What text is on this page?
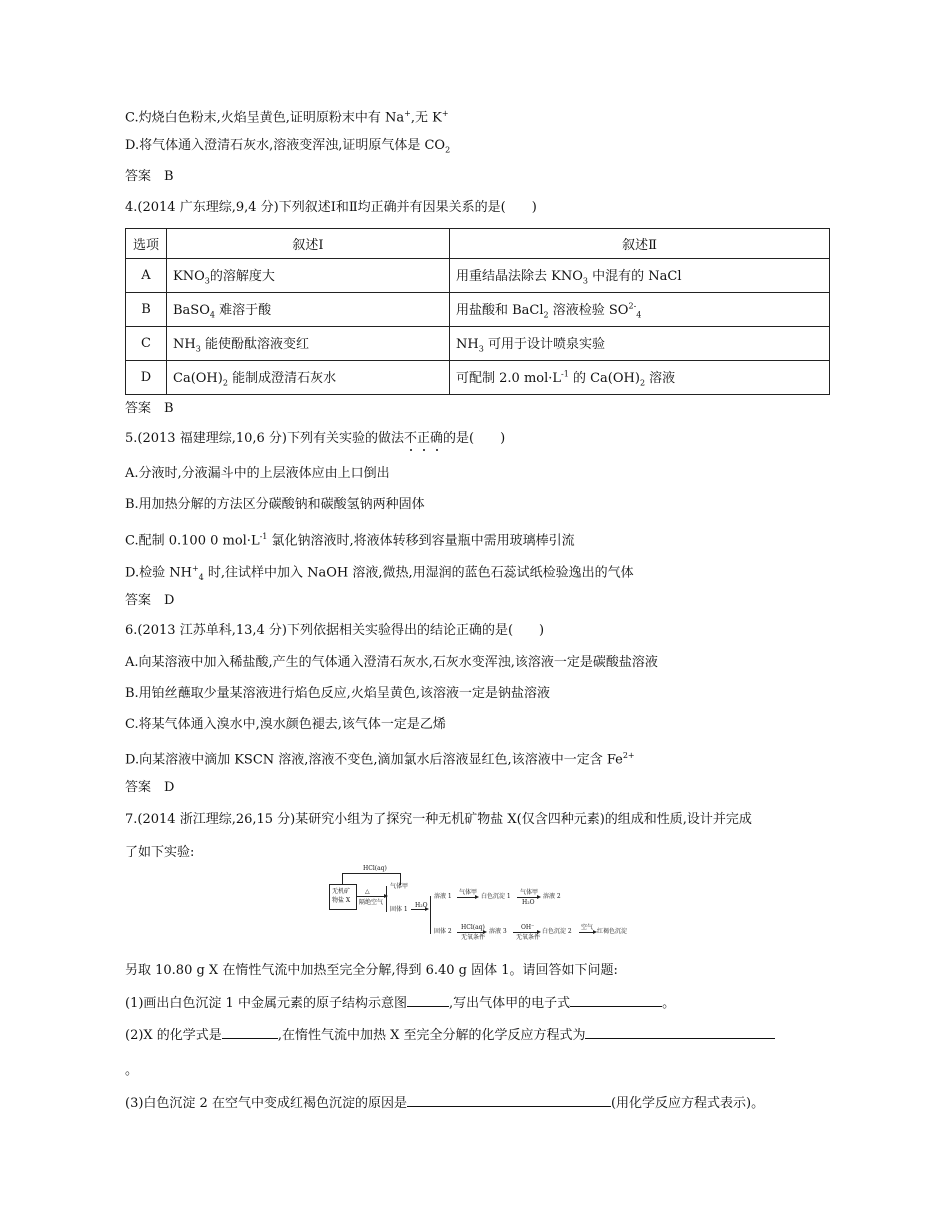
C.灼烧白色粉末,火焰呈黄色,证明原粉末中有 Na+,无 K+
D.将气体通入澄清石灰水,溶液变浑浊,证明原气体是 $CO_2$
答案　B
4.(2014 广东理综,9,4 分)下列叙述Ⅰ和Ⅱ均正确并有因果关系的是(　　)
选项	叙述Ⅰ	叙述Ⅱ
A	$KNO_3$的溶解度大	用重结晶法除去 $KNO_3$ 中混有的 NaCl
B	BaSO$_4$ 难溶于酸	用盐酸和 BaCl$_2$ 溶液检验 $SO^{2-}_4$
C	$NH_3$ 能使酚酞溶液变红	$NH_3$ 可用于设计喷泉实验
D	$Ca(OH)_2$ 能制成澄清石灰水	可配制 2.0 $mol\cdot L^{-1}$ 的 $Ca(OH)_2$ 溶液
答案　B
5.(2013 福建理综,10,6 分)下列有关实验的做法不正确的是(　　)
A.分液时,分液漏斗中的上层液体应由上口倒出
B.用加热分解的方法区分碳酸钠和碳酸氢钠两种固体
C.配制 0.100 0 $mol\cdot L^{-1}$ 氯化钠溶液时,将液体转移到容量瓶中需用玻璃棒引流
D.检验 $NH^+_4$ 时,往试样中加入 NaOH 溶液,微热,用湿润的蓝色石蕊试纸检验逸出的气体
答案　D
6.(2013 江苏单科,13,4 分)下列依据相关实验得出的结论正确的是(　　)
A.向某溶液中加入稀盐酸,产生的气体通入澄清石灰水,石灰水变浑浊,该溶液一定是碳酸盐溶液
B.用铂丝蘸取少量某溶液进行焰色反应,火焰呈黄色,该溶液一定是钠盐溶液
C.将某气体通入溴水中,溴水颜色褪去,该气体一定是乙烯
D.向某溶液中滴加 KSCN 溶液,溶液不变色,滴加氯水后溶液显红色,该溶液中一定含 $Fe^{2+}$
答案　D
7.(2014 浙江理综,26,15 分)某研究小组为了探究一种无机矿物盐 X(仅含四种元素)的组成和性质,设计并完成
了如下实验:
无机矿
物盐 X
HCl(aq)
△
隔绝空气
气体甲
固体 1
H₂O
溶液 1
气体甲
白色沉淀 1
气体甲
H₂O
溶液 2
固体 2
HCl(aq)
无氧条件
溶液 3
OH⁻
无氧条件
白色沉淀 2
空气
红褐色沉淀
另取 10.80 g X 在惰性气流中加热至完全分解,得到 6.40 g 固体 1。请回答如下问题:
(1)画出白色沉淀 1 中金属元素的原子结构示意图	,写出气体甲的电子式	。
(2)X 的化学式是	,在惰性气流中加热 X 至完全分解的化学反应方程式为
。
(3)白色沉淀 2 在空气中变成红褐色沉淀的原因是	(用化学反应方程式表示)。
